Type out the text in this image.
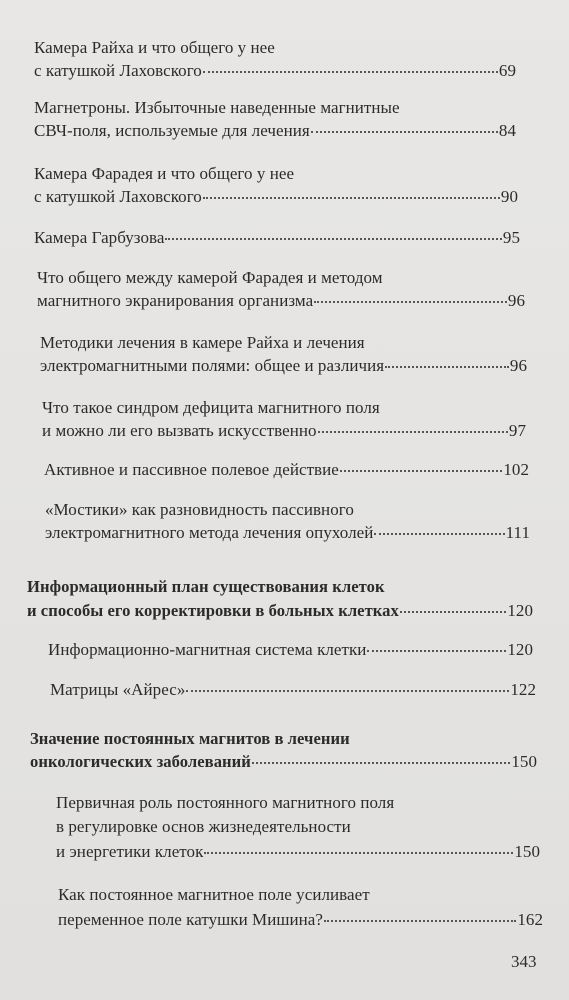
Камера Райха и что общего у нее
с катушкой Лаховского	69
Магнетроны. Избыточные наведенные магнитные
СВЧ-поля, используемые для лечения	84
Камера Фарадея и что общего у нее
с катушкой Лаховского	90
Камера Гарбузова	95
Что общего между камерой Фарадея и методом
магнитного экранирования организма	96
Методики лечения в камере Райха и лечения
электромагнитными полями: общее и различия	96
Что такое синдром дефицита магнитного поля
и можно ли его вызвать искусственно	97
Активное и пассивное полевое действие	102
«Мостики» как разновидность пассивного
электромагнитного метода лечения опухолей	111
Информационный план существования клеток
и способы его корректировки в больных клетках	120
Информационно-магнитная система клетки	120
Матрицы «Айрес»	122
Значение постоянных магнитов в лечении
онкологических заболеваний	150
Первичная роль постоянного магнитного поля
в регулировке основ жизнедеятельности
и энергетики клеток	150
Как постоянное магнитное поле усиливает
переменное поле катушки Мишина?	162
343
